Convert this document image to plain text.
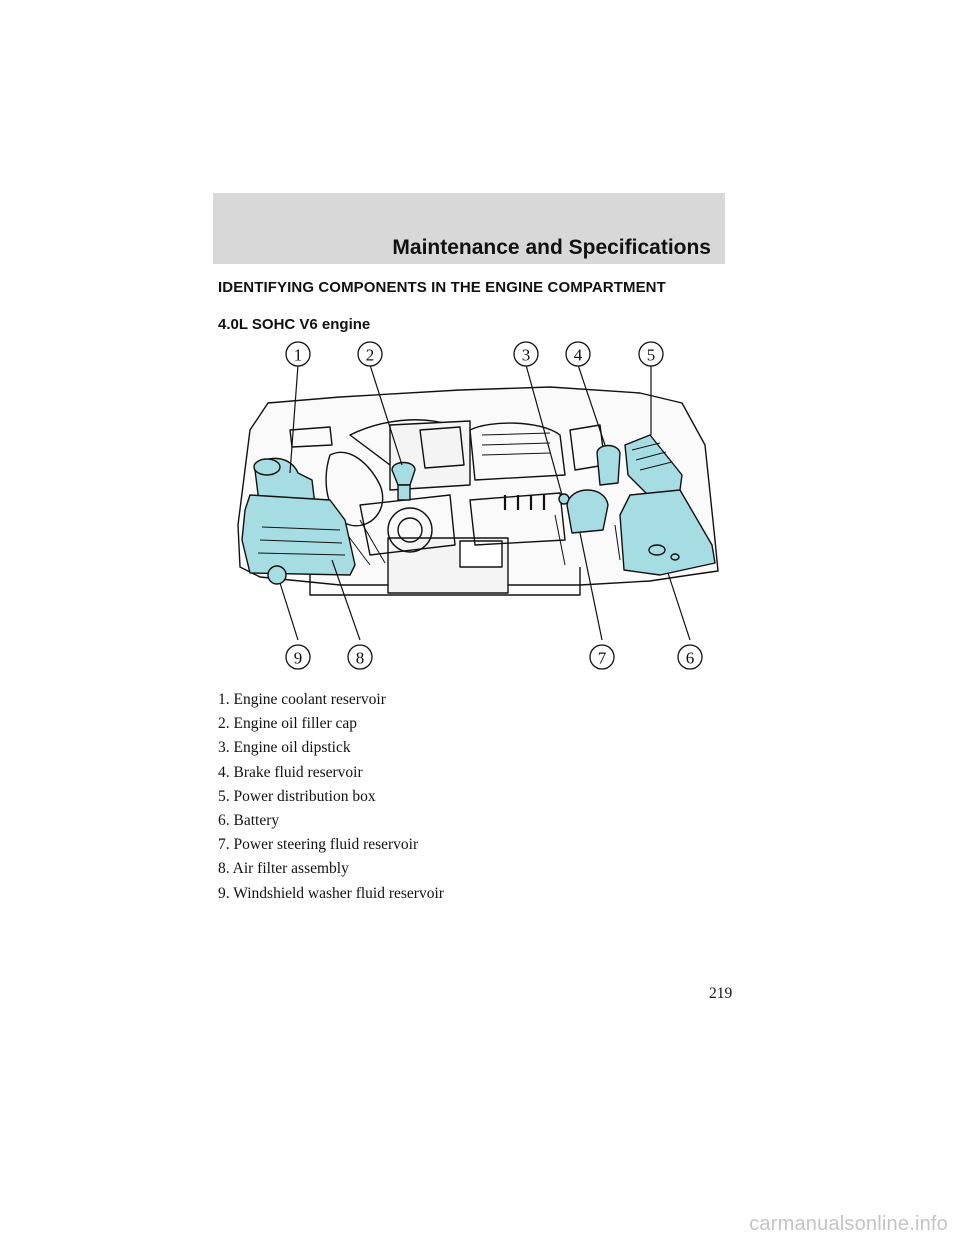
Maintenance and Specifications
IDENTIFYING COMPONENTS IN THE ENGINE COMPARTMENT
4.0L SOHC V6 engine
1	2	3	4	5
6
7
8
9
1. Engine coolant reservoir
2. Engine oil filler cap
3. Engine oil dipstick
4. Brake fluid reservoir
5. Power distribution box
6. Battery
7. Power steering fluid reservoir
8. Air filter assembly
9. Windshield washer fluid reservoir
219
carmanualsonline.info
